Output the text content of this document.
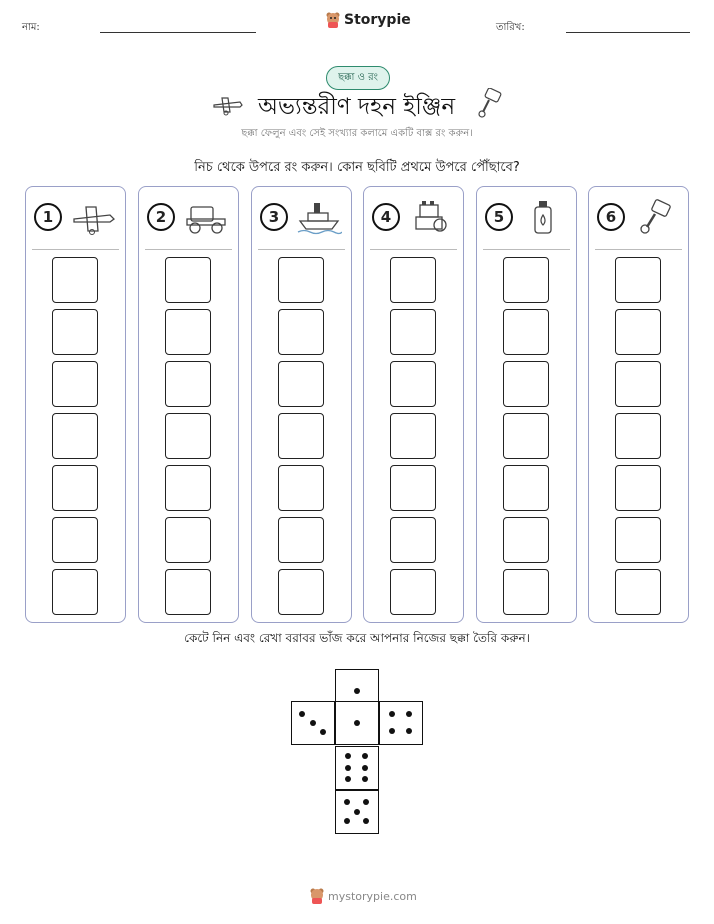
নাম:	Storypie	তারিখ:
ছক্কা ও রং
অভ্যন্তরীণ দহন ইঞ্জিন
ছক্কা ফেলুন এবং সেই সংখ্যার কলামে একটি বাক্স রং করুন।
নিচ থেকে উপরে রং করুন। কোন ছবিটি প্রথমে উপরে পৌঁছাবে?
1	2	3	4	5	6
কেটে নিন এবং রেখা বরাবর ভাঁজ করে আপনার নিজের ছক্কা তৈরি করুন।
mystorypie.com
